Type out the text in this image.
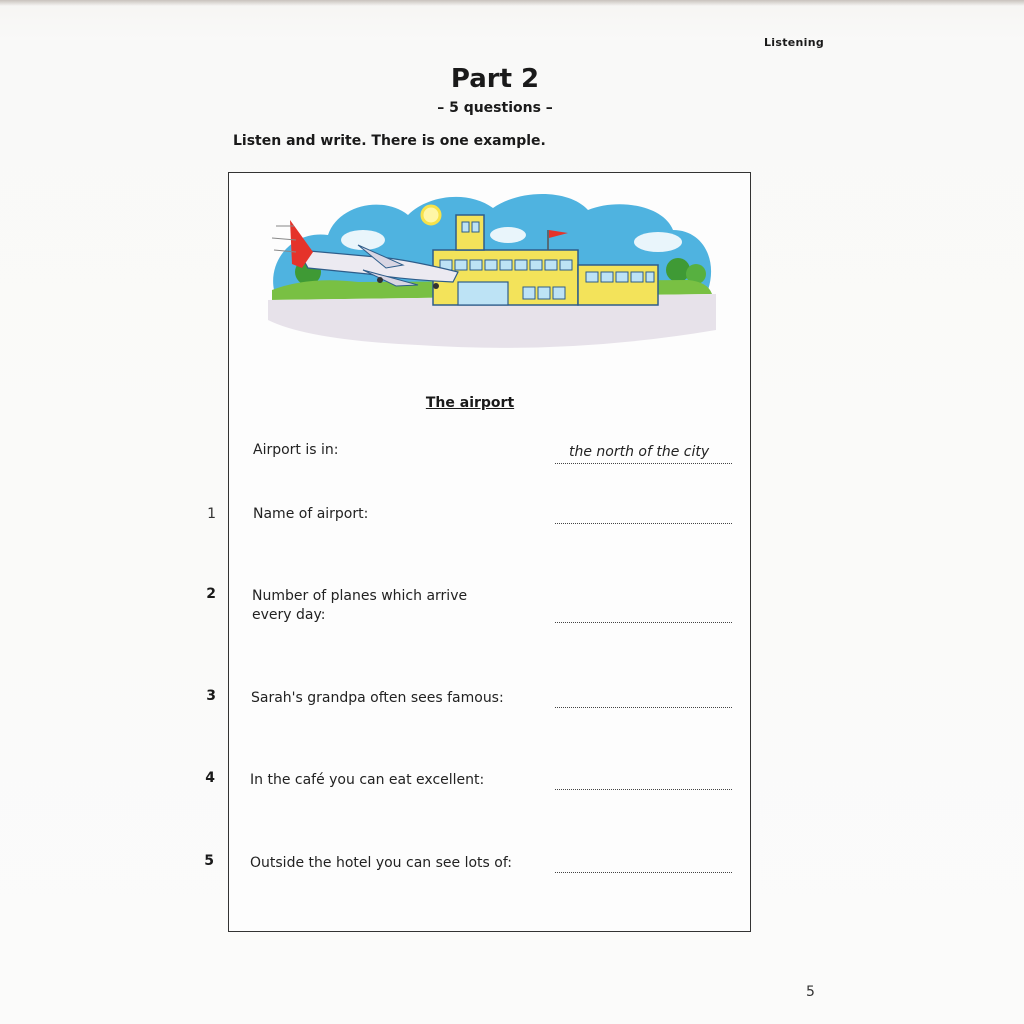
Listening
Part 2
– 5 questions –
Listen and write. There is one example.
The airport
Airport is in:	the north of the city
1	Name of airport:
2	Number of planes which arrive
every day:
3	Sarah's grandpa often sees famous:
4	In the café you can eat excellent:
5	Outside the hotel you can see lots of:
5
